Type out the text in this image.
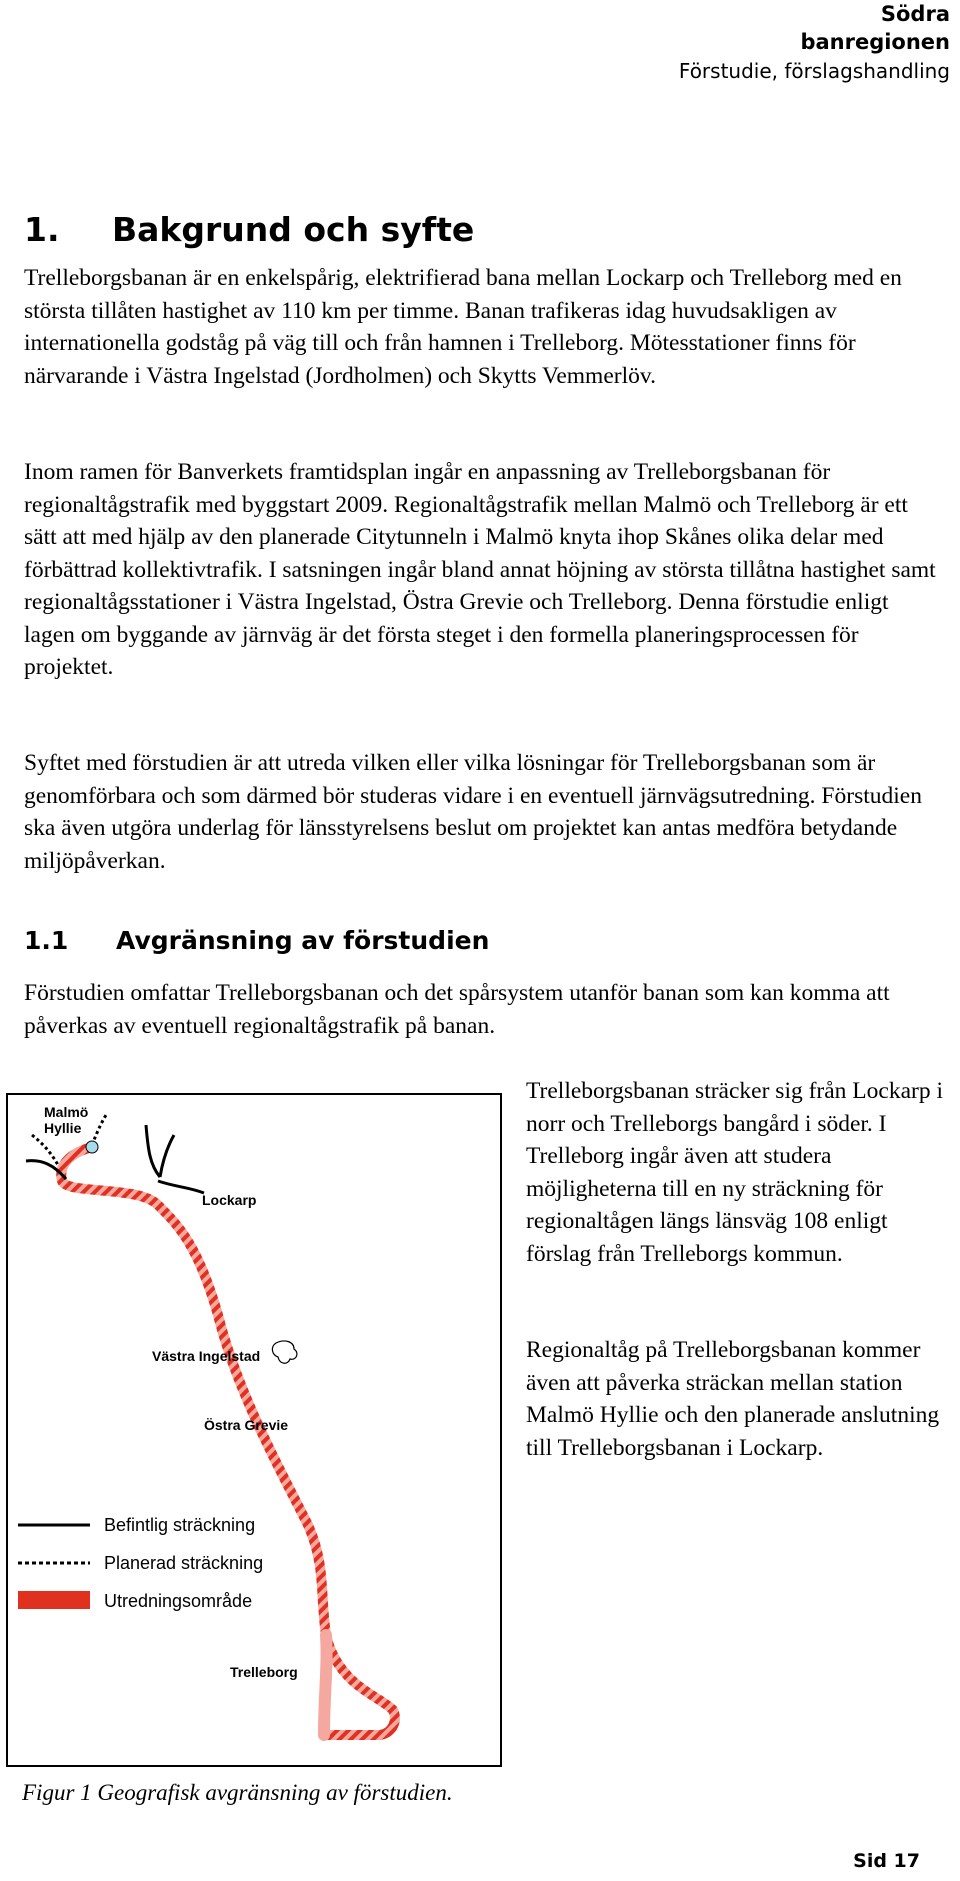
Södra banregionen
Förstudie, förslagshandling
1. Bakgrund och syfte

Trelleborgsbanan är en enkelspårig, elektrifierad bana mellan Lockarp och Trelleborg med en största tillåten hastighet av 110 km per timme. Banan trafikeras idag huvudsakligen av internationella godståg på väg till och från hamnen i Trelleborg. Mötesstationer finns för närvarande i Västra Ingelstad (Jordholmen) och Skytts Vemmerlöv.

Inom ramen för Banverkets framtidsplan ingår en anpassning av Trelleborgsbanan för regionaltågstrafik med byggstart 2009. Regionaltågstrafik mellan Malmö och Trelleborg är ett sätt att med hjälp av den planerade Citytunneln i Malmö knyta ihop Skånes olika delar med förbättrad kollektivtrafik. I satsningen ingår bland annat höjning av största tillåtna hastighet samt regionaltågsstationer i Västra Ingelstad, Östra Grevie och Trelleborg. Denna förstudie enligt lagen om byggande av järnväg är det första steget i den formella planeringsprocessen för projektet.

Syftet med förstudien är att utreda vilken eller vilka lösningar för Trelleborgsbanan som är genomförbara och som därmed bör studeras vidare i en eventuell järnvägsutredning. Förstudien ska även utgöra underlag för länsstyrelsens beslut om projektet kan antas medföra betydande miljöpåverkan.

1.1 Avgränsning av förstudien

Förstudien omfattar Trelleborgsbanan och det spårsystem utanför banan som kan komma att påverkas av eventuell regionaltågstrafik på banan.

Malmö
Hyllie
Lockarp
Västra Ingelstad
Östra Grevie
Trelleborg
Befintlig sträckning
Planerad sträckning
Utredningsområde

Trelleborgsbanan sträcker sig från Lockarp i norr och Trelleborgs bangård i söder. I Trelleborg ingår även att studera möjligheterna till en ny sträckning för regionaltågen längs länsväg 108 enligt förslag från Trelleborgs kommun.

Regionaltåg på Trelleborgsbanan kommer även att påverka sträckan mellan station Malmö Hyllie och den planerade anslutning till Trelleborgsbanan i Lockarp.

Figur 1 Geografisk avgränsning av förstudien.

Sid 17
